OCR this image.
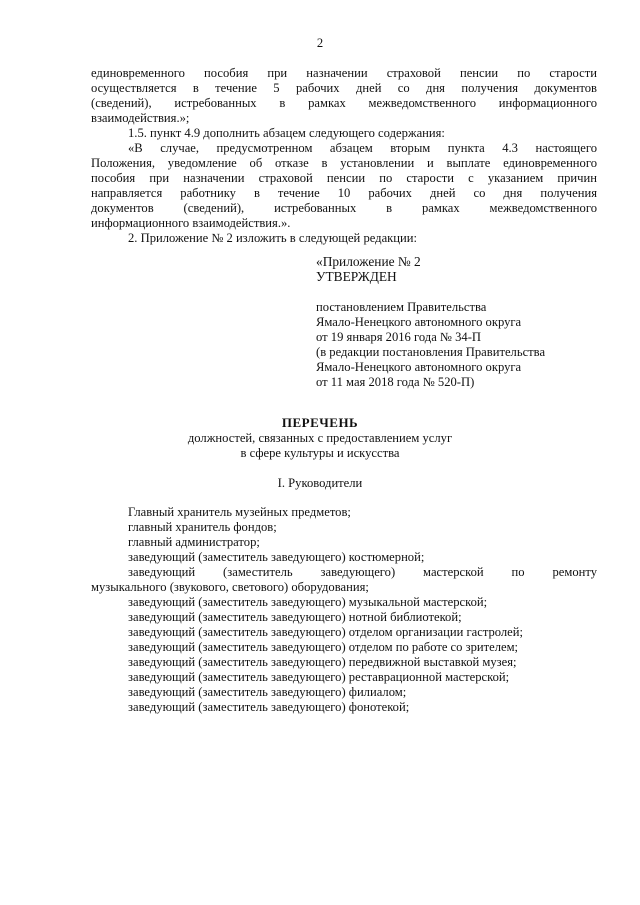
2
единовременного пособия при назначении страховой пенсии по старости
осуществляется в течение 5 рабочих дней со дня получения документов
(сведений), истребованных в рамках межведомственного информационного
взаимодействия.»;
1.5. пункт 4.9 дополнить абзацем следующего содержания:
«В случае, предусмотренном абзацем вторым пункта 4.3 настоящего
Положения, уведомление об отказе в установлении и выплате единовременного
пособия при назначении страховой пенсии по старости с указанием причин
направляется работнику в течение 10 рабочих дней со дня получения
документов (сведений), истребованных в рамках межведомственного
информационного взаимодействия.».
2. Приложение № 2 изложить в следующей редакции:
«Приложение № 2
УТВЕРЖДЕН
постановлением Правительства
Ямало-Ненецкого автономного округа
от 19 января 2016 года № 34-П
(в редакции постановления Правительства
Ямало-Ненецкого автономного округа
от 11 мая 2018 года № 520-П)
ПЕРЕЧЕНЬ
должностей, связанных с предоставлением услуг
в сфере культуры и искусства
I. Руководители
Главный хранитель музейных предметов;
главный хранитель фондов;
главный администратор;
заведующий (заместитель заведующего) костюмерной;
заведующий (заместитель заведующего) мастерской по ремонту
музыкального (звукового, светового) оборудования;
заведующий (заместитель заведующего) музыкальной мастерской;
заведующий (заместитель заведующего) нотной библиотекой;
заведующий (заместитель заведующего) отделом организации гастролей;
заведующий (заместитель заведующего) отделом по работе со зрителем;
заведующий (заместитель заведующего) передвижной выставкой музея;
заведующий (заместитель заведующего) реставрационной мастерской;
заведующий (заместитель заведующего) филиалом;
заведующий (заместитель заведующего) фонотекой;
